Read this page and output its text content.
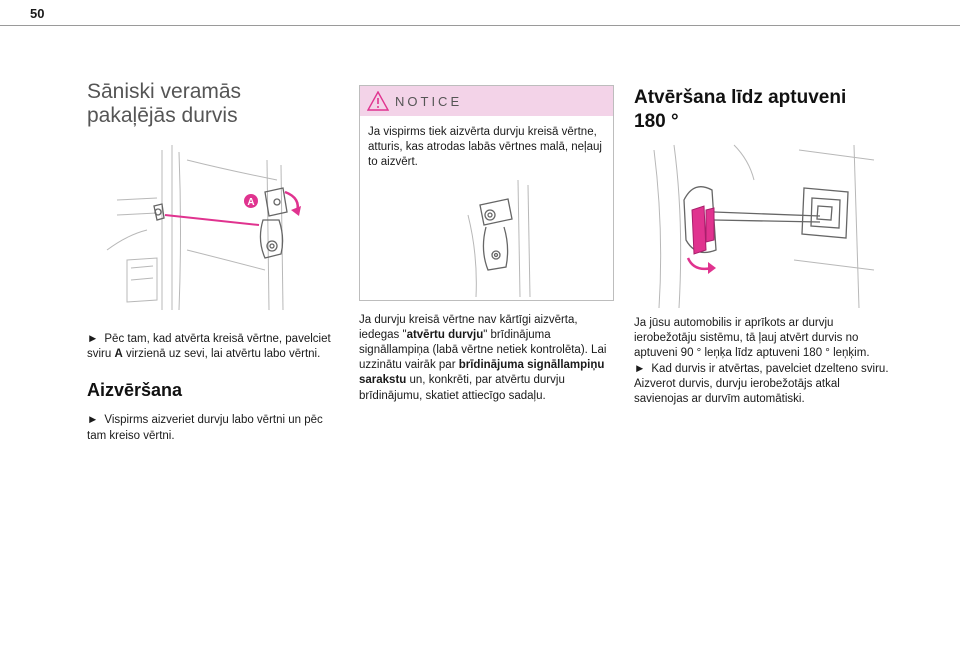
50
Sāniski veramās
pakaļējās durvis
A

► Pēc tam, kad atvērta kreisā vērtne, pavelciet sviru A virzienā uz sevi, lai atvērtu labo vērtni.

Aizvēršana

► Vispirms aizveriet durvju labo vērtni un pēc tam kreiso vērtni.

NOTICE

Ja vispirms tiek aizvērta durvju kreisā vērtne, atturis, kas atrodas labās vērtnes malā, neļauj to aizvērt.

Ja durvju kreisā vērtne nav kārtīgi aizvērta, iedegas "atvērtu durvju" brīdinājuma signāllampiņa (labā vērtne netiek kontrolēta). Lai uzzinātu vairāk par brīdinājuma signāllampiņu sarakstu un, konkrēti, par atvērtu durvju brīdinājumu, skatiet attiecīgo sadaļu.

Atvēršana līdz aptuveni
180 °

Ja jūsu automobilis ir aprīkots ar durvju ierobežotāju sistēmu, tā ļauj atvērt durvis no aptuveni 90 ° leņķa līdz aptuveni 180 ° leņķim.

► Kad durvis ir atvērtas, pavelciet dzelteno sviru.

Aizverot durvis, durvju ierobežotājs atkal savienojas ar durvīm automātiski.
